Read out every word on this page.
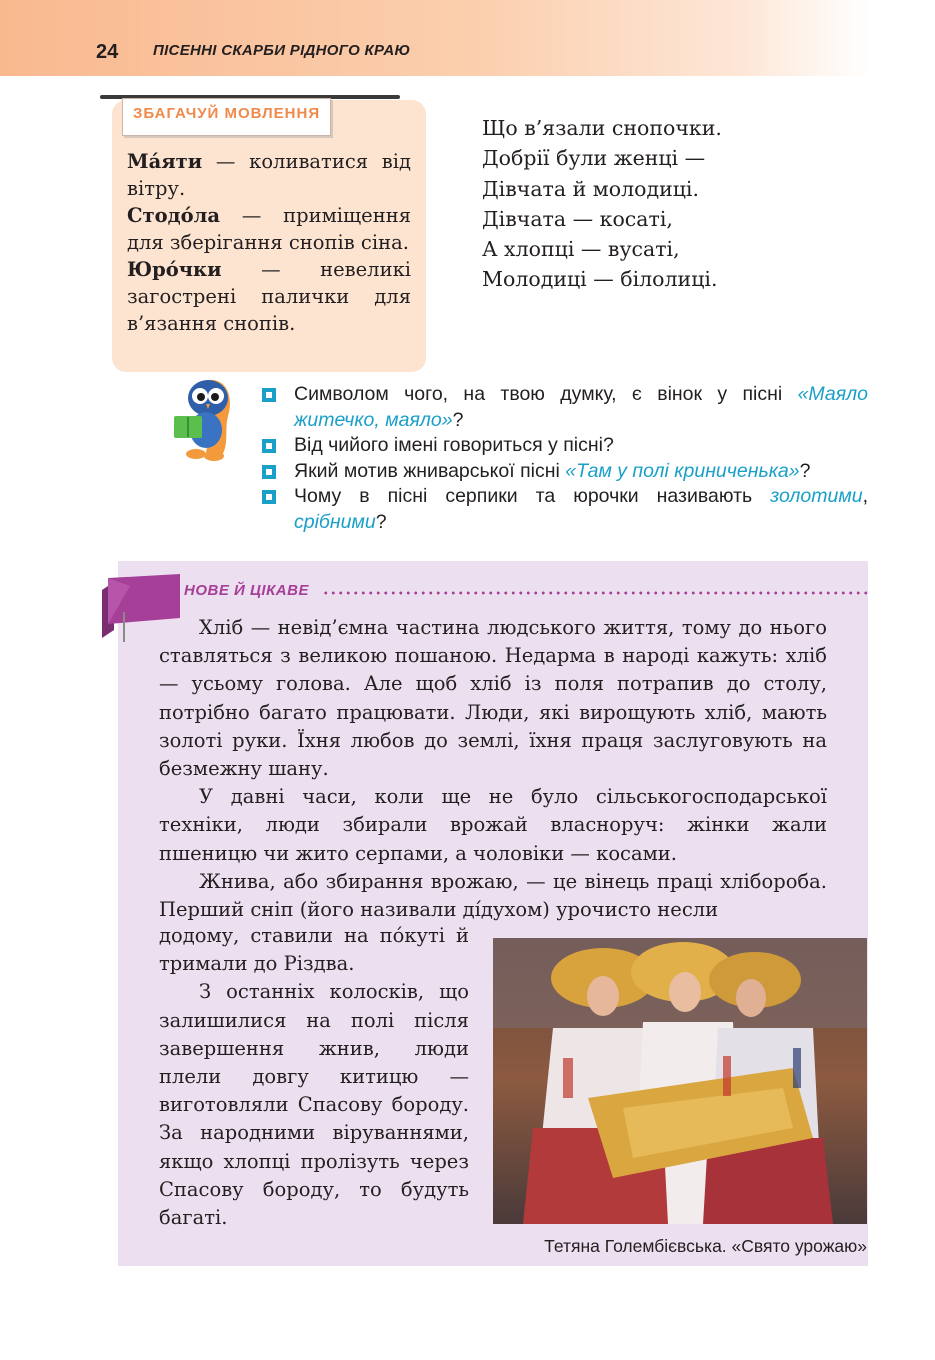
24 ПІСЕННІ СКАРБИ РІДНОГО КРАЮ
ЗБАГАЧУЙ МОВЛЕННЯ
Ма́яти — коливатися від вітру.
Стодо́ла — приміщення для зберігання снопів сіна.
Юро́чки — невеликі загострені палички для в’язання снопів.
Що в’язали снопочки.
Добрії були женці —
Дівчата й молодиці.
Дівчата — косаті,
А хлопці — вусаті,
Молодиці — білолиці.
Символом чого, на твою думку, є вінок у пісні «Маяло житечко, маяло»?
Від чийого імені говориться у пісні?
Який мотив жниварської пісні «Там у полі криниченька»?
Чому в пісні серпики та юрочки називають золотими, срібними?
НОВЕ Й ЦІКАВЕ

Хліб — невід’ємна частина людського життя, тому до нього ставляться з великою пошаною. Недарма в народі кажуть: хліб — усьому голова. Але щоб хліб із поля потрапив до столу, потрібно багато працювати. Люди, які вирощують хліб, мають золоті руки. Їхня любов до землі, їхня праця заслуговують на безмежну шану.

У давні часи, коли ще не було сільськогосподарської техніки, люди збирали врожай власноруч: жінки жали пшеницю чи жито серпами, а чоловіки — косами.

Жнива, або збирання врожаю, — це вінець праці хлібороба. Перший сніп (його називали ді́духом) урочисто несли

додому, ставили на по́куті й тримали до Різдва.

З останніх колосків, що залишилися на полі після завершення жнив, люди плели довгу китицю — виготовляли Спасову бороду. За народними віруваннями, якщо хлопці пролізуть через Спасову бороду, то будуть багаті.

Тетяна Голембієвська. «Свято урожаю»
